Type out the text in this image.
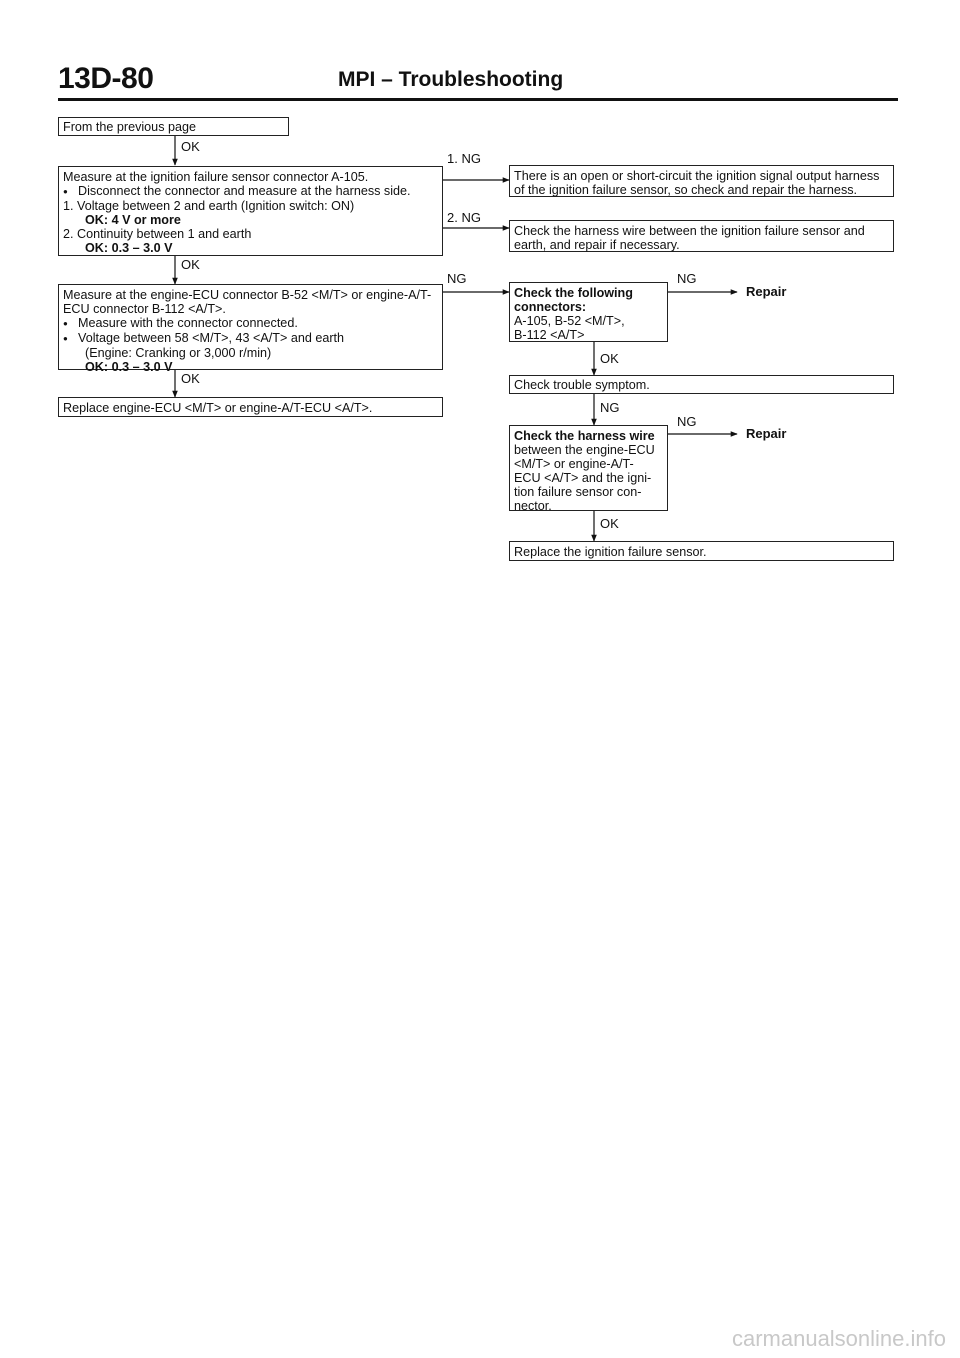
13D-80	MPI – Troubleshooting
From the previous page
Measure at the ignition failure sensor connector A-105.
● Disconnect the connector and measure at the harness side.
1. Voltage between 2 and earth (Ignition switch: ON)
OK: 4 V or more
2. Continuity between 1 and earth
OK: 0.3 – 3.0 V
Measure at the engine-ECU connector B-52 <M/T> or engine-A/T-
ECU connector B-112 <A/T>.
● Measure with the connector connected.
● Voltage between 58 <M/T>, 43 <A/T> and earth
(Engine: Cranking or 3,000 r/min)
OK: 0.3 – 3.0 V
Replace engine-ECU <M/T> or engine-A/T-ECU <A/T>.
There is an open or short-circuit the ignition signal output harness
of the ignition failure sensor, so check and repair the harness.
Check the harness wire between the ignition failure sensor and
earth, and repair if necessary.
Check the following
connectors:
A-105, B-52 <M/T>,
B-112 <A/T>
Check trouble symptom.
Check the harness wire
between the engine-ECU
<M/T> or engine-A/T-
ECU <A/T> and the igni-
tion failure sensor con-
nector.
Replace the ignition failure sensor.
Repair
Repair
OK
OK
OK
1. NG
2. NG
NG	NG
OK
NG
NG
OK
carmanualsonline.info
